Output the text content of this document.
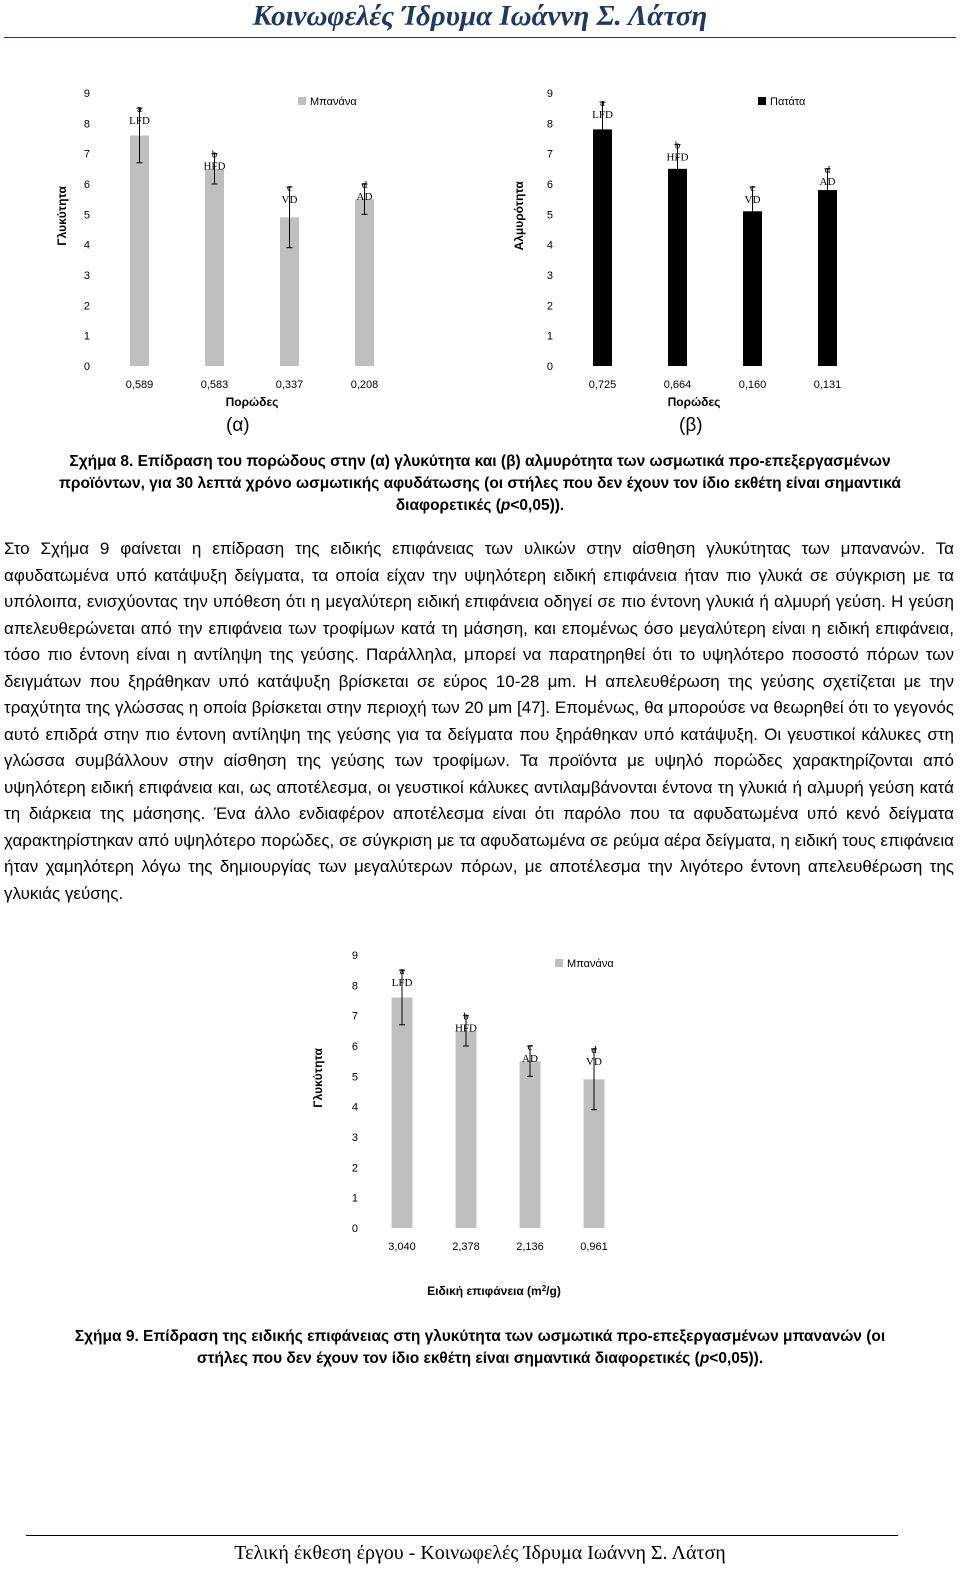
Κοινωφελές Ίδρυμα Ιωάννη Σ. Λάτση
0
1
2
3
4
5
6
7
8
9
Γλυκύτητα
a
LFD
0,589
b
HFD
0,583
c
VD
0,337
d
AD
0,208
Μπανάνα
Πορώδες
(α)
0
1
2
3
4
5
6
7
8
9
Αλμυρότητα
a
LFD
0,725
b
HFD
0,664
c
VD
0,160
d
AD
0,131
Πατάτα
Πορώδες
(β)
Σχήμα 8. Επίδραση του πορώδους στην (α) γλυκύτητα και (β) αλμυρότητα των ωσμωτικά προ-επεξεργασμένων
προϊόντων, για 30 λεπτά χρόνο ωσμωτικής αφυδάτωσης (οι στήλες που δεν έχουν τον ίδιο εκθέτη είναι σημαντικά
διαφορετικές (p<0,05)).

Στο Σχήμα 9 φαίνεται η επίδραση της ειδικής επιφάνειας των υλικών στην αίσθηση γλυκύτητας των μπανανών. Τα αφυδατωμένα υπό κατάψυξη δείγματα, τα οποία είχαν την υψηλότερη ειδική επιφάνεια ήταν πιο γλυκά σε σύγκριση με τα υπόλοιπα, ενισχύοντας την υπόθεση ότι η μεγαλύτερη ειδική επιφάνεια οδηγεί σε πιο έντονη γλυκιά ή αλμυρή γεύση. Η γεύση απελευθερώνεται από την επιφάνεια των τροφίμων κατά τη μάσηση, και επομένως όσο μεγαλύτερη είναι η ειδική επιφάνεια, τόσο πιο έντονη είναι η αντίληψη της γεύσης. Παράλληλα, μπορεί να παρατηρηθεί ότι το υψηλότερο ποσοστό πόρων των δειγμάτων που ξηράθηκαν υπό κατάψυξη βρίσκεται σε εύρος 10-28 μm. Η απελευθέρωση της γεύσης σχετίζεται με την τραχύτητα της γλώσσας η οποία βρίσκεται στην περιοχή των 20 μm [47]. Επομένως, θα μπορούσε να θεωρηθεί ότι το γεγονός αυτό επιδρά στην πιο έντονη αντίληψη της γεύσης για τα δείγματα που ξηράθηκαν υπό κατάψυξη. Οι γευστικοί κάλυκες στη γλώσσα συμβάλλουν στην αίσθηση της γεύσης των τροφίμων. Τα προϊόντα με υψηλό πορώδες χαρακτηρίζονται από υψηλότερη ειδική επιφάνεια και, ως αποτέλεσμα, οι γευστικοί κάλυκες αντιλαμβάνονται έντονα τη γλυκιά ή αλμυρή γεύση κατά τη διάρκεια της μάσησης. Ένα άλλο ενδιαφέρον αποτέλεσμα είναι ότι παρόλο που τα αφυδατωμένα υπό κενό δείγματα χαρακτηρίστηκαν από υψηλότερο πορώδες, σε σύγκριση με τα αφυδατωμένα σε ρεύμα αέρα δείγματα, η ειδική τους επιφάνεια ήταν χαμηλότερη λόγω της δημιουργίας των μεγαλύτερων πόρων, με αποτέλεσμα την λιγότερο έντονη απελευθέρωση της γλυκιάς γεύσης.

0
1
2
3
4
5
6
7
8
9
Γλυκύτητα
a
LFD
3,040
b
HFD
2,378
c
AD
2,136
d
VD
0,961
Μπανάνα
Ειδική επιφάνεια $(m^2/g)$
Σχήμα 9. Επίδραση της ειδικής επιφάνειας στη γλυκύτητα των ωσμωτικά προ-επεξεργασμένων μπανανών (οι
στήλες που δεν έχουν τον ίδιο εκθέτη είναι σημαντικά διαφορετικές (p<0,05)).
Τελική έκθεση έργου - Κοινωφελές Ίδρυμα Ιωάννη Σ. Λάτση
